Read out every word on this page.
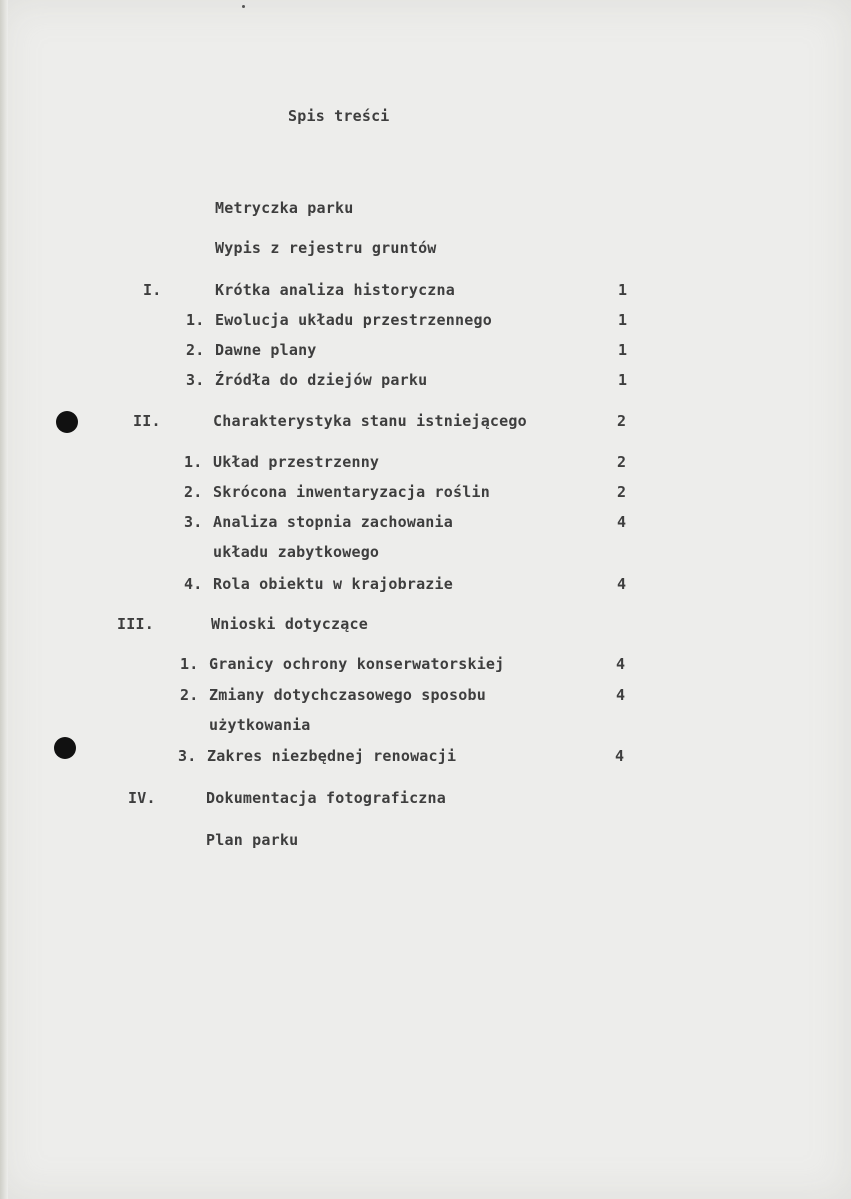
Spis treści
Metryczka parku
Wypis z rejestru gruntów
I.	Krótka analiza historyczna	1
1. Ewolucja układu przestrzennego	1
2. Dawne plany	1
3. Źródła do dziejów parku	1
II.	Charakterystyka stanu istniejącego	2
1. Układ przestrzenny	2
2. Skrócona inwentaryzacja roślin	2
3. Analiza stopnia zachowania	4
układu zabytkowego
4. Rola obiektu w krajobrazie	4
III.	Wnioski dotyczące
1. Granicy ochrony konserwatorskiej	4
2. Zmiany dotychczasowego sposobu	4
użytkowania
3. Zakres niezbędnej renowacji	4
IV.	Dokumentacja fotograficzna
Plan parku
